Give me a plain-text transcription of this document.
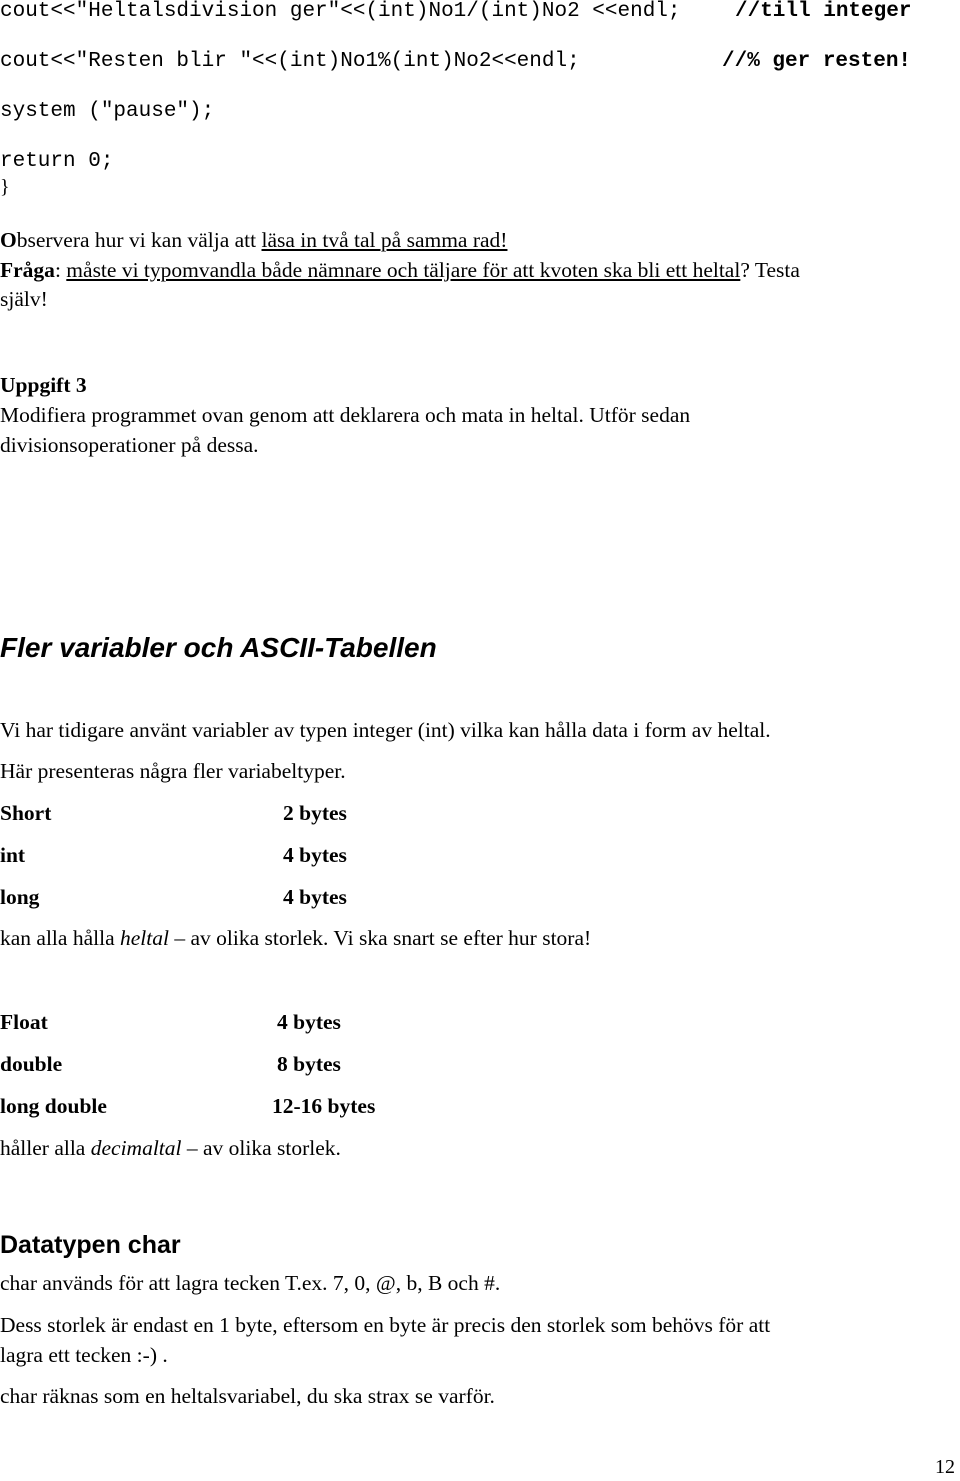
cout<<"Heltalsdivision ger"<<(int)No1/(int)No2 <<endl;	//till integer
cout<<"Resten blir "<<(int)No1%(int)No2<<endl;	//% ger resten!
system ("pause");
return 0;
}
Observera hur vi kan välja att läsa in två tal på samma rad!
Fråga: måste vi typomvandla både nämnare och täljare för att kvoten ska bli ett heltal? Testa
själv!
Uppgift 3
Modifiera programmet ovan genom att deklarera och mata in heltal. Utför sedan
divisionsoperationer på dessa.
Fler variabler och ASCII-Tabellen
Vi har tidigare använt variabler av typen integer (int) vilka kan hålla data i form av heltal.
Här presenteras några fler variabeltyper.
Short	2 bytes
int	4 bytes
long	4 bytes
kan alla hålla heltal – av olika storlek. Vi ska snart se efter hur stora!
Float	4 bytes
double	8 bytes
long double	12-16 bytes
håller alla decimaltal – av olika storlek.
Datatypen char
char används för att lagra tecken T.ex. 7, 0, @, b, B och #.
Dess storlek är endast en 1 byte, eftersom en byte är precis den storlek som behövs för att
lagra ett tecken :-) .
char räknas som en heltalsvariabel, du ska strax se varför.
12
